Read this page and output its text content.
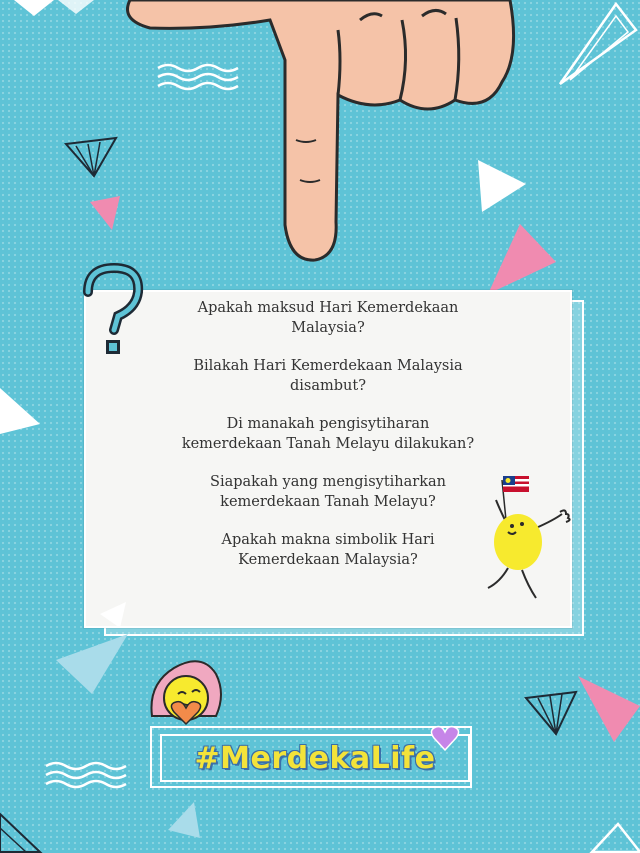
Apakah maksud Hari Kemerdekaan Malaysia?
Bilakah Hari Kemerdekaan Malaysia disambut?
Di manakah pengisytiharan kemerdekaan Tanah Melayu dilakukan?
Siapakah yang mengisytiharkan kemerdekaan Tanah Melayu?
Apakah makna simbolik Hari Kemerdekaan Malaysia?
#MerdekaLife
